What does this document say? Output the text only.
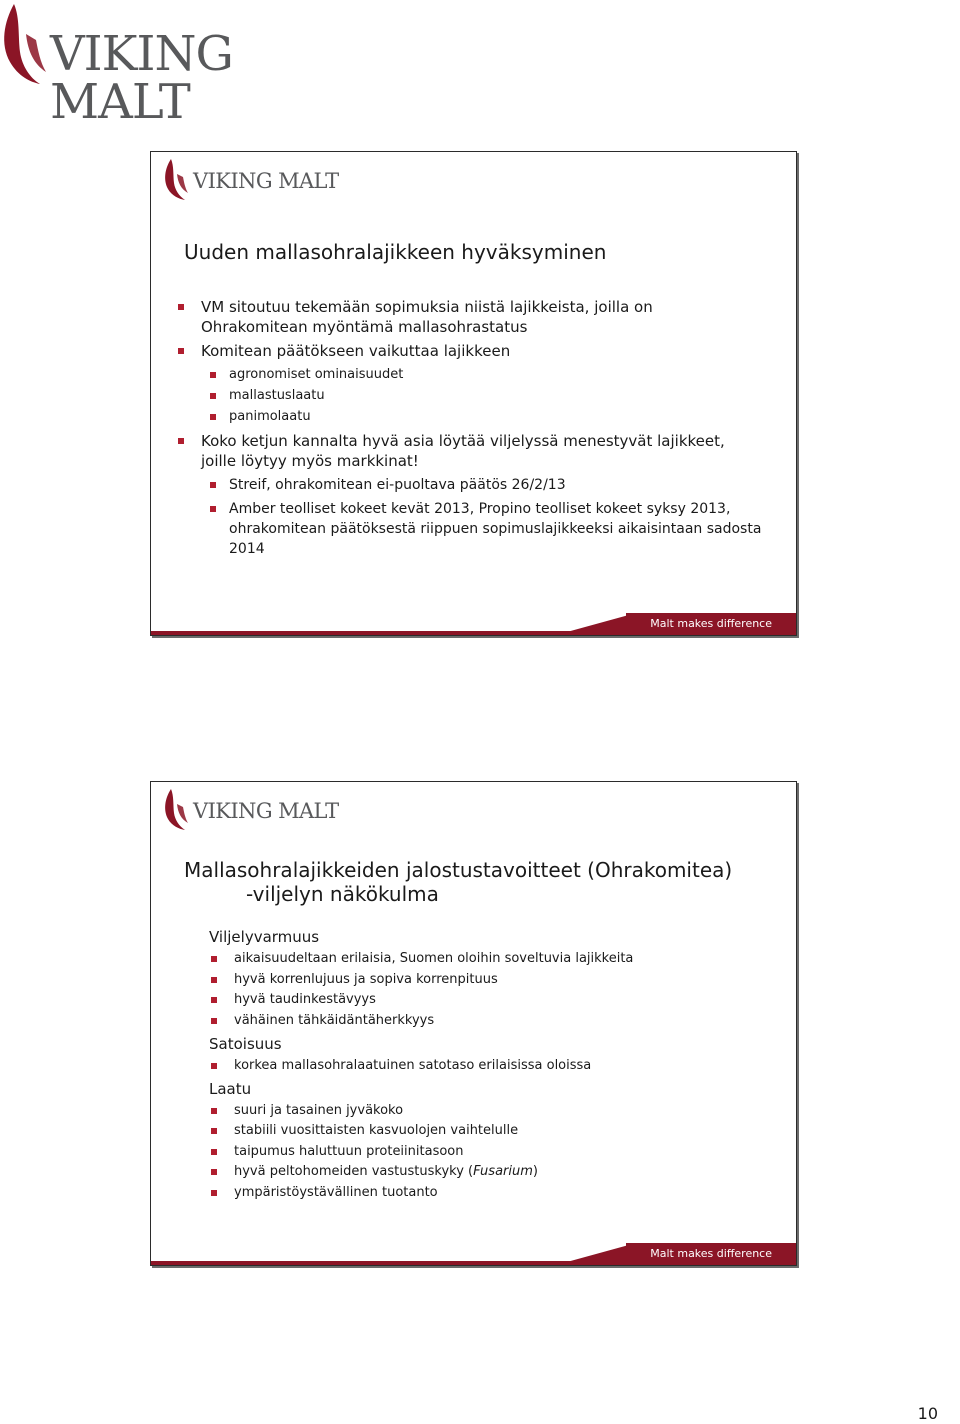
VIKING MALT
VIKING MALT
Uuden mallasohralajikkeen hyväksyminen
VM sitoutuu tekemään sopimuksia niistä lajikkeista, joilla on Ohrakomitean myöntämä mallasohrastatus
Komitean päätökseen vaikuttaa lajikkeen
agronomiset ominaisuudet
mallastuslaatu
panimolaatu
Koko ketjun kannalta hyvä asia löytää viljelyssä menestyvät lajikkeet, joille löytyy myös markkinat!
Streif, ohrakomitean ei-puoltava päätös 26/2/13
Amber teolliset kokeet kevät 2013, Propino teolliset kokeet syksy 2013, ohrakomitean päätöksestä riippuen sopimuslajikkeeksi aikaisintaan sadosta 2014
Malt makes difference
VIKING MALT
Mallasohralajikkeiden jalostustavoitteet (Ohrakomitea)
-viljelyn näkökulma
Viljelyvarmuus
aikaisuudeltaan erilaisia, Suomen oloihin soveltuvia lajikkeita
hyvä korrenlujuus ja sopiva korrenpituus
hyvä taudinkestävyys
vähäinen tähkäidäntäherkkyys
Satoisuus
korkea mallasohralaatuinen satotaso erilaisissa oloissa
Laatu
suuri ja tasainen jyväkoko
stabiili vuosittaisten kasvuolojen vaihtelulle
taipumus haluttuun proteiinitasoon
hyvä peltohomeiden vastustuskyky (Fusarium)
ympäristöystävällinen tuotanto
Malt makes difference
10
